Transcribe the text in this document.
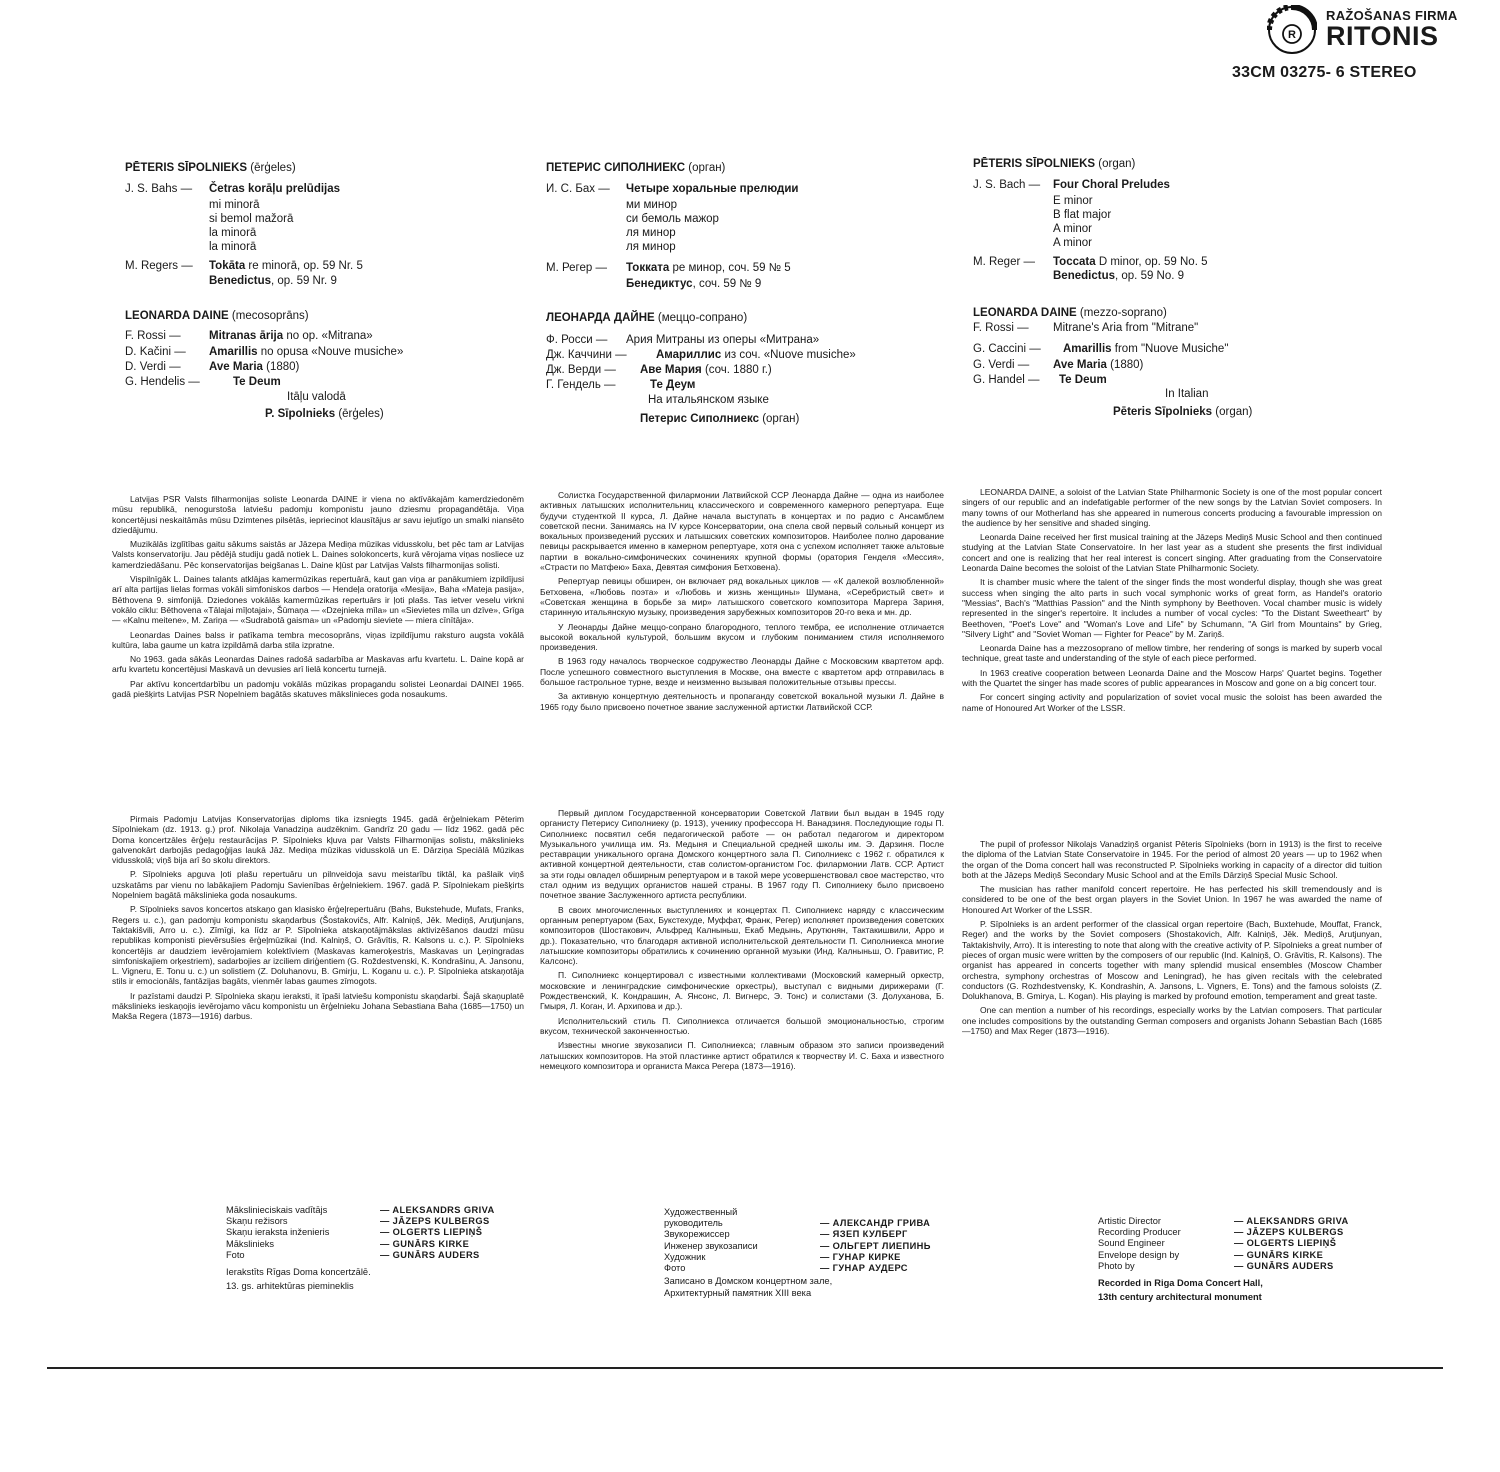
R
RAŽOŠANAS FIRMA
RITONIS
33CM 03275- 6 STEREO
PĒTERIS SĪPOLNIEKS (ērģeles)
J. S. Bahs — Četras korāļu prelūdijas
mi minorā
si bemol mažorā
la minorā
la minorā
M. Regers — Tokāta re minorā, op. 59 Nr. 5
Benedictus, op. 59 Nr. 9
LEONARDA DAINE (mecosoprāns)
F. Rossi — Mitranas ārija no op. «Mitrana»
D. Kačini — Amarillis no opusa «Nouve musiche»
D. Verdi — Ave Maria (1880)
G. Hendelis —	Te Deum
Itāļu valodā
P. Sīpolnieks (ērģeles)
ПЕТЕРИС СИПОЛНИЕКС (орган)
И. С. Бах — Четыре хоральные прелюдии
ми минор
си бемоль мажор
ля минор
ля минор
М. Регер — Токката ре минор, соч. 59 № 5
Бенедиктус, соч. 59 № 9
ЛЕОНАРДА ДАЙНЕ (меццо-сопрано)
Ф. Росси — Ария Митраны из оперы «Митрана»
Дж. Каччини —	Амариллис из соч. «Nuove musiche»
Дж. Верди — Аве Мария (соч. 1880 г.)
Г. Гендель —	Те Деум
На итальянском языке
Петерис Сиполниекс (орган)
PĒTERIS SĪPOLNIEKS (organ)
J. S. Bach — Four Choral Preludes
E minor
B flat major
A minor
A minor
M. Reger — Toccata D minor, op. 59 No. 5
Benedictus, op. 59 No. 9
LEONARDA DAINE (mezzo-soprano)
F. Rossi — Mitrane's Aria from "Mitrane"
G. Caccini — Amarillis from "Nuove Musiche"
G. Verdi — Ave Maria (1880)
G. Handel — Te Deum
In Italian
Pēteris Sīpolnieks (organ)

Latvijas PSR Valsts filharmonijas soliste Leonarda DAINE ir viena no aktīvākajām kamerdziedonēm mūsu republikā, nenogurstoša latviešu padomju komponistu jauno dziesmu propagandētāja. Viņa koncertējusi neskaitāmās mūsu Dzimtenes pilsētās, iepriecinot klausītājus ar savu iejutīgo un smalki niansēto dziedājumu.

Muzikālās izglītības gaitu sākums saistās ar Jāzepa Mediņa mūzikas vidusskolu, bet pēc tam ar Latvijas Valsts konservatoriju. Jau pēdējā studiju gadā notiek L. Daines solokoncerts, kurā vērojama viņas nosliece uz kamerdziedāšanu. Pēc konservatorijas beigšanas L. Daine kļūst par Latvijas Valsts filharmonijas solisti.

Vispilnīgāk L. Daines talants atklājas kamermūzikas repertuārā, kaut gan viņa ar panākumiem izpildījusi arī alta partijas lielas formas vokāli simfoniskos darbos — Hendeļa oratorija «Mesija», Baha «Mateja pasija», Bēthovena 9. simfonijā. Dziedones vokālās kamermūzikas repertuārs ir ļoti plašs. Tas ietver veselu virkni vokālo ciklu: Bēthovena «Tālajai mīļotajai», Šūmaņa — «Dzejnieka mīla» un «Sievietes mīla un dzīve», Grīga — «Kalnu meitene», M. Zariņa — «Sudrabotā gaisma» un «Padomju sieviete — miera cīnītāja».

Leonardas Daines balss ir patīkama tembra mecosoprāns, viņas izpildījumu raksturo augsta vokālā kultūra, laba gaume un katra izpildāmā darba stila izpratne.

No 1963. gada sākās Leonardas Daines radošā sadarbība ar Maskavas arfu kvartetu. L. Daine kopā ar arfu kvartetu koncertējusi Maskavā un devusies arī lielā koncertu turnejā.

Par aktīvu koncertdarbību un padomju vokālās mūzikas propagandu solistei Leonardai DAINEI 1965. gadā piešķirts Latvijas PSR Nopelniem bagātās skatuves mākslinieces goda nosaukums.

Pirmais Padomju Latvijas Konservatorijas diploms tika izsniegts 1945. gadā ērģelniekam Pēterim Sīpolniekam (dz. 1913. g.) prof. Nikolaja Vanadziņa audzēknim. Gandrīz 20 gadu — līdz 1962. gadā pēc Doma koncertzāles ērģeļu restaurācijas P. Sīpolnieks kļuva par Valsts Filharmonijas solistu, mākslinieks galvenokārt darbojās pedagoģijas laukā Jāz. Mediņa mūzikas vidusskolā un E. Dārziņa Speciālā Mūzikas vidusskolā; viņš bija arī šo skolu direktors.

P. Sīpolnieks apguva ļoti plašu repertuāru un pilnveidoja savu meistarību tiktāl, ka pašlaik viņš uzskatāms par vienu no labākajiem Padomju Savienības ērģelniekiem. 1967. gadā P. Sīpolniekam piešķirts Nopelniem bagātā mākslinieka goda nosaukums.

P. Sīpolnieks savos koncertos atskaņo gan klasisko ērģeļrepertuāru (Bahs, Bukstehude, Mufats, Franks, Regers u. c.), gan padomju komponistu skaņdarbus (Šostakovičs, Alfr. Kalniņš, Jēk. Mediņš, Arutjunjans, Taktakišvili, Arro u. c.). Zīmīgi, ka līdz ar P. Sīpolnieka atskaņotājmākslas aktivizēšanos daudzi mūsu republikas komponisti pievērsušies ērģeļmūzikai (Ind. Kalniņš, O. Grāvītis, R. Kalsons u. c.). P. Sīpolnieks koncertējis ar daudziem ievērojamiem kolektīviem (Maskavas kameroķestris, Maskavas un Ļeņingradas simfoniskajiem orķestriem), sadarbojies ar izciliem diriģentiem (G. Roždestvenski, K. Kondrašinu, A. Jansonu, L. Vigneru, E. Tonu u. c.) un solistiem (Z. Doluhanovu, B. Gmirju, L. Koganu u. c.). P. Sīpolnieka atskaņotāja stils ir emocionāls, fantāzijas bagāts, vienmēr labas gaumes zīmogots.

Ir pazīstami daudzi P. Sīpolnieka skaņu ieraksti, it īpaši latviešu komponistu skaņdarbi. Šajā skaņuplatē mākslinieks ieskaņojis ievērojamo vācu komponistu un ērģelnieku Johana Sebastiana Baha (1685—1750) un Makša Regera (1873—1916) darbus.

Солистка Государственной филармонии Латвийской ССР Леонарда Дайне — одна из наиболее активных латышских исполнительниц классического и современного камерного репертуара. Еще будучи студенткой II курса, Л. Дайне начала выступать в концертах и по радио с Ансамблем советской песни. Занимаясь на IV курсе Консерватории, она спела свой первый сольный концерт из вокальных произведений русских и латышских советских композиторов. Наиболее полно дарование певицы раскрывается именно в камерном репертуаре, хотя она с успехом исполняет также альтовые партии в вокально-симфонических сочинениях крупной формы (оратория Генделя «Мессия», «Страсти по Матфею» Баха, Девятая симфония Бетховена).

Репертуар певицы обширен, он включает ряд вокальных циклов — «К далекой возлюбленной» Бетховена, «Любовь поэта» и «Любовь и жизнь женщины» Шумана, «Серебристый свет» и «Советская женщина в борьбе за мир» латышского советского композитора Маргера Зариня, старинную итальянскую музыку, произведения зарубежных композиторов 20-го века и мн. др.

У Леонарды Дайне меццо-сопрано благородного, теплого тембра, ее исполнение отличается высокой вокальной культурой, большим вкусом и глубоким пониманием стиля исполняемого произведения.

В 1963 году началось творческое содружество Леонарды Дайне с Московским квартетом арф. После успешного совместного выступления в Москве, она вместе с квартетом арф отправилась в большое гастрольное турне, везде и неизменно вызывая положительные отзывы прессы.

За активную концертную деятельность и пропаганду советской вокальной музыки Л. Дайне в 1965 году было присвоено почетное звание заслуженной артистки Латвийской ССР.

Первый диплом Государственной консерватории Советской Латвии был выдан в 1945 году органисту Петерису Сиполниеку (р. 1913), ученику профессора Н. Ванадзиня. Последующие годы П. Сиполниекс посвятил себя педагогической работе — он работал педагогом и директором Музыкального училища им. Яз. Медыня и Специальной средней школы им. Э. Дарзиня. После реставрации уникального органа Домского концертного зала П. Сиполниекс с 1962 г. обратился к активной концертной деятельности, став солистом-органистом Гос. филармонии Латв. ССР. Артист за эти годы овладел обширным репертуаром и в такой мере усовершенствовал свое мастерство, что стал одним из ведущих органистов нашей страны. В 1967 году П. Сиполниеку было присвоено почетное звание Заслуженного артиста республики.

В своих многочисленных выступлениях и концертах П. Сиполниекс наряду с классическим органным репертуаром (Бах, Букстехуде, Муффат, Франк, Регер) исполняет произведения советских композиторов (Шостакович, Альфред Калныньш, Екаб Медынь, Арутюнян, Тактакишвили, Арро и др.). Показательно, что благодаря активной исполнительской деятельности П. Сиполниекса многие латышские композиторы обратились к сочинению органной музыки (Инд. Калныньш, О. Гравитис, Р. Калсонс).

П. Сиполниекс концертировал с известными коллективами (Московский камерный оркестр, московские и ленинградские симфонические оркестры), выступал с видными дирижерами (Г. Рождественский, К. Кондрашин, А. Янсонс, Л. Вигнерс, Э. Тонс) и солистами (З. Долуханова, Б. Гмыря, Л. Коган, И. Архипова и др.).

Исполнительский стиль П. Сиполниекса отличается большой эмоциональностью, строгим вкусом, технической законченностью.

Известны многие звукозаписи П. Сиполниекса; главным образом это записи произведений латышских композиторов. На этой пластинке артист обратился к творчеству И. С. Баха и известного немецкого композитора и органиста Макса Регера (1873—1916).

LEONARDA DAINE, a soloist of the Latvian State Philharmonic Society is one of the most popular concert singers of our republic and an indefatigable performer of the new songs by the Latvian Soviet composers. In many towns of our Motherland has she appeared in numerous concerts producing a favourable impression on the audience by her sensitive and shaded singing.

Leonarda Daine received her first musical training at the Jāzeps Mediņš Music School and then continued studying at the Latvian State Conservatoire. In her last year as a student she presents the first individual concert and one is realizing that her real interest is concert singing. After graduating from the Conservatoire Leonarda Daine becomes the soloist of the Latvian State Philharmonic Society.

It is chamber music where the talent of the singer finds the most wonderful display, though she was great success when singing the alto parts in such vocal symphonic works of great form, as Handel's oratorio "Messias", Bach's "Matthias Passion" and the Ninth symphony by Beethoven. Vocal chamber music is widely represented in the singer's repertoire. It includes a number of vocal cycles: "To the Distant Sweetheart" by Beethoven, "Poet's Love" and "Woman's Love and Life" by Schumann, "A Girl from Mountains" by Grieg, "Silvery Light" and "Soviet Woman — Fighter for Peace" by M. Zariņš.

Leonarda Daine has a mezzosoprano of mellow timbre, her rendering of songs is marked by superb vocal technique, great taste and understanding of the style of each piece performed.

In 1963 creative cooperation between Leonarda Daine and the Moscow Harps' Quartet begins. Together with the Quartet the singer has made scores of public appearances in Moscow and gone on a big concert tour.

For concert singing activity and popularization of soviet vocal music the soloist has been awarded the name of Honoured Art Worker of the LSSR.

The pupil of professor Nikolajs Vanadziņš organist Pēteris Sīpolnieks (born in 1913) is the first to receive the diploma of the Latvian State Conservatoire in 1945. For the period of almost 20 years — up to 1962 when the organ of the Doma concert hall was reconstructed P. Sīpolnieks working in capacity of a director did tuition both at the Jāzeps Mediņš Secondary Music School and at the Emīls Dārziņš Special Music School.

The musician has rather manifold concert repertoire. He has perfected his skill tremendously and is considered to be one of the best organ players in the Soviet Union. In 1967 he was awarded the name of Honoured Art Worker of the LSSR.

P. Sīpolnieks is an ardent performer of the classical organ repertoire (Bach, Buxtehude, Mouffat, Franck, Reger) and the works by the Soviet composers (Shostakovich, Alfr. Kalniņš, Jēk. Mediņš, Arutjunyan, Taktakishvily, Arro). It is interesting to note that along with the creative activity of P. Sīpolnieks a great number of pieces of organ music were written by the composers of our republic (Ind. Kalniņš, O. Grāvītis, R. Kalsons). The organist has appeared in concerts together with many splendid musical ensembles (Moscow Chamber orchestra, symphony orchestras of Moscow and Leningrad), he has given recitals with the celebrated conductors (G. Rozhdestvensky, K. Kondrashin, A. Jansons, L. Vigners, E. Tons) and the famous soloists (Z. Dolukhanova, B. Gmirya, L. Kogan). His playing is marked by profound emotion, temperament and great taste.

One can mention a number of his recordings, especially works by the Latvian composers. That particular one includes compositions by the outstanding German composers and organists Johann Sebastian Bach (1685—1750) and Max Reger (1873—1916).

Mākslinieciskais vadītājs	— ALEKSANDRS GRIVA
Skaņu režisors	— JĀZEPS KULBERGS
Skaņu ieraksta inženieris	— OLGERTS LIEPIŅŠ
Mākslinieks	— GUNĀRS KIRKE
Foto	— GUNĀRS AUDERS
Ierakstīts Rīgas Doma koncertzālē.
13. gs. arhitektūras piemineklis
Художественный
руководитель	— АЛЕКСАНДР ГРИВА
Звукорежиссер	— ЯЗЕП КУЛБЕРГ
Инженер звукозаписи	— ОЛЬГЕРТ ЛИЕПИНЬ
Художник	— ГУНАР КИРКЕ
Фото	— ГУНАР АУДЕРС
Записано в Домском концертном зале,
Архитектурный памятник XIII века
Artistic Director	— ALEKSANDRS GRIVA
Recording Producer	— JĀZEPS KULBERGS
Sound Engineer	— OLGERTS LIEPIŅŠ
Envelope design by	— GUNĀRS KIRKE
Photo by	— GUNĀRS AUDERS
Recorded in Riga Doma Concert Hall,
13th century architectural monument
